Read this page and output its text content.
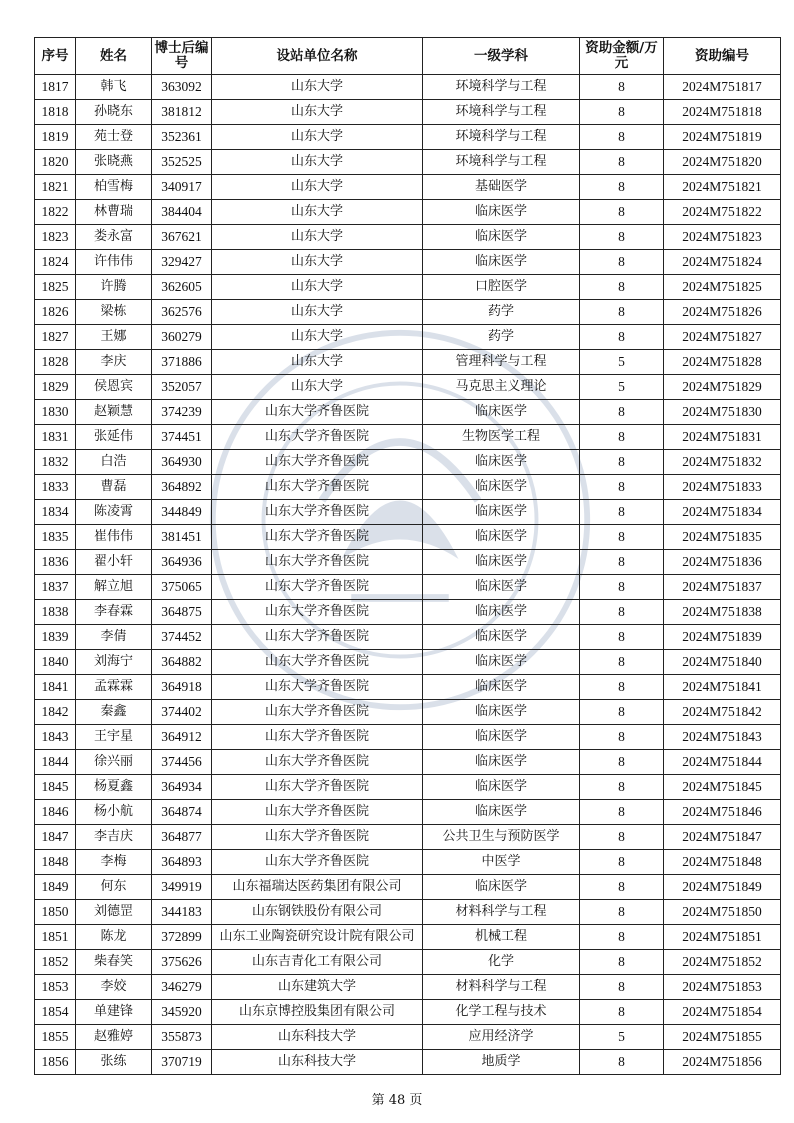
序号	姓名	博士后编号	设站单位名称	一级学科	资助金额/万元	资助编号
1817	韩飞	363092	山东大学	环境科学与工程	8	2024M751817
1818	孙晓东	381812	山东大学	环境科学与工程	8	2024M751818
1819	苑士登	352361	山东大学	环境科学与工程	8	2024M751819
1820	张晓燕	352525	山东大学	环境科学与工程	8	2024M751820
1821	柏雪梅	340917	山东大学	基础医学	8	2024M751821
1822	林曹瑞	384404	山东大学	临床医学	8	2024M751822
1823	娄永富	367621	山东大学	临床医学	8	2024M751823
1824	许伟伟	329427	山东大学	临床医学	8	2024M751824
1825	许腾	362605	山东大学	口腔医学	8	2024M751825
1826	梁栋	362576	山东大学	药学	8	2024M751826
1827	王娜	360279	山东大学	药学	8	2024M751827
1828	李庆	371886	山东大学	管理科学与工程	5	2024M751828
1829	侯恩宾	352057	山东大学	马克思主义理论	5	2024M751829
1830	赵颖慧	374239	山东大学齐鲁医院	临床医学	8	2024M751830
1831	张延伟	374451	山东大学齐鲁医院	生物医学工程	8	2024M751831
1832	白浩	364930	山东大学齐鲁医院	临床医学	8	2024M751832
1833	曹磊	364892	山东大学齐鲁医院	临床医学	8	2024M751833
1834	陈凌霄	344849	山东大学齐鲁医院	临床医学	8	2024M751834
1835	崔伟伟	381451	山东大学齐鲁医院	临床医学	8	2024M751835
1836	翟小轩	364936	山东大学齐鲁医院	临床医学	8	2024M751836
1837	解立旭	375065	山东大学齐鲁医院	临床医学	8	2024M751837
1838	李春霖	364875	山东大学齐鲁医院	临床医学	8	2024M751838
1839	李倩	374452	山东大学齐鲁医院	临床医学	8	2024M751839
1840	刘海宁	364882	山东大学齐鲁医院	临床医学	8	2024M751840
1841	孟霖霖	364918	山东大学齐鲁医院	临床医学	8	2024M751841
1842	秦鑫	374402	山东大学齐鲁医院	临床医学	8	2024M751842
1843	王宇星	364912	山东大学齐鲁医院	临床医学	8	2024M751843
1844	徐兴丽	374456	山东大学齐鲁医院	临床医学	8	2024M751844
1845	杨夏鑫	364934	山东大学齐鲁医院	临床医学	8	2024M751845
1846	杨小航	364874	山东大学齐鲁医院	临床医学	8	2024M751846
1847	李吉庆	364877	山东大学齐鲁医院	公共卫生与预防医学	8	2024M751847
1848	李梅	364893	山东大学齐鲁医院	中医学	8	2024M751848
1849	何东	349919	山东福瑞达医药集团有限公司	临床医学	8	2024M751849
1850	刘德罡	344183	山东钢铁股份有限公司	材料科学与工程	8	2024M751850
1851	陈龙	372899	山东工业陶瓷研究设计院有限公司	机械工程	8	2024M751851
1852	柴春笑	375626	山东吉青化工有限公司	化学	8	2024M751852
1853	李姣	346279	山东建筑大学	材料科学与工程	8	2024M751853
1854	单建锋	345920	山东京博控股集团有限公司	化学工程与技术	8	2024M751854
1855	赵雅婷	355873	山东科技大学	应用经济学	5	2024M751855
1856	张练	370719	山东科技大学	地质学	8	2024M751856
第 48 页
